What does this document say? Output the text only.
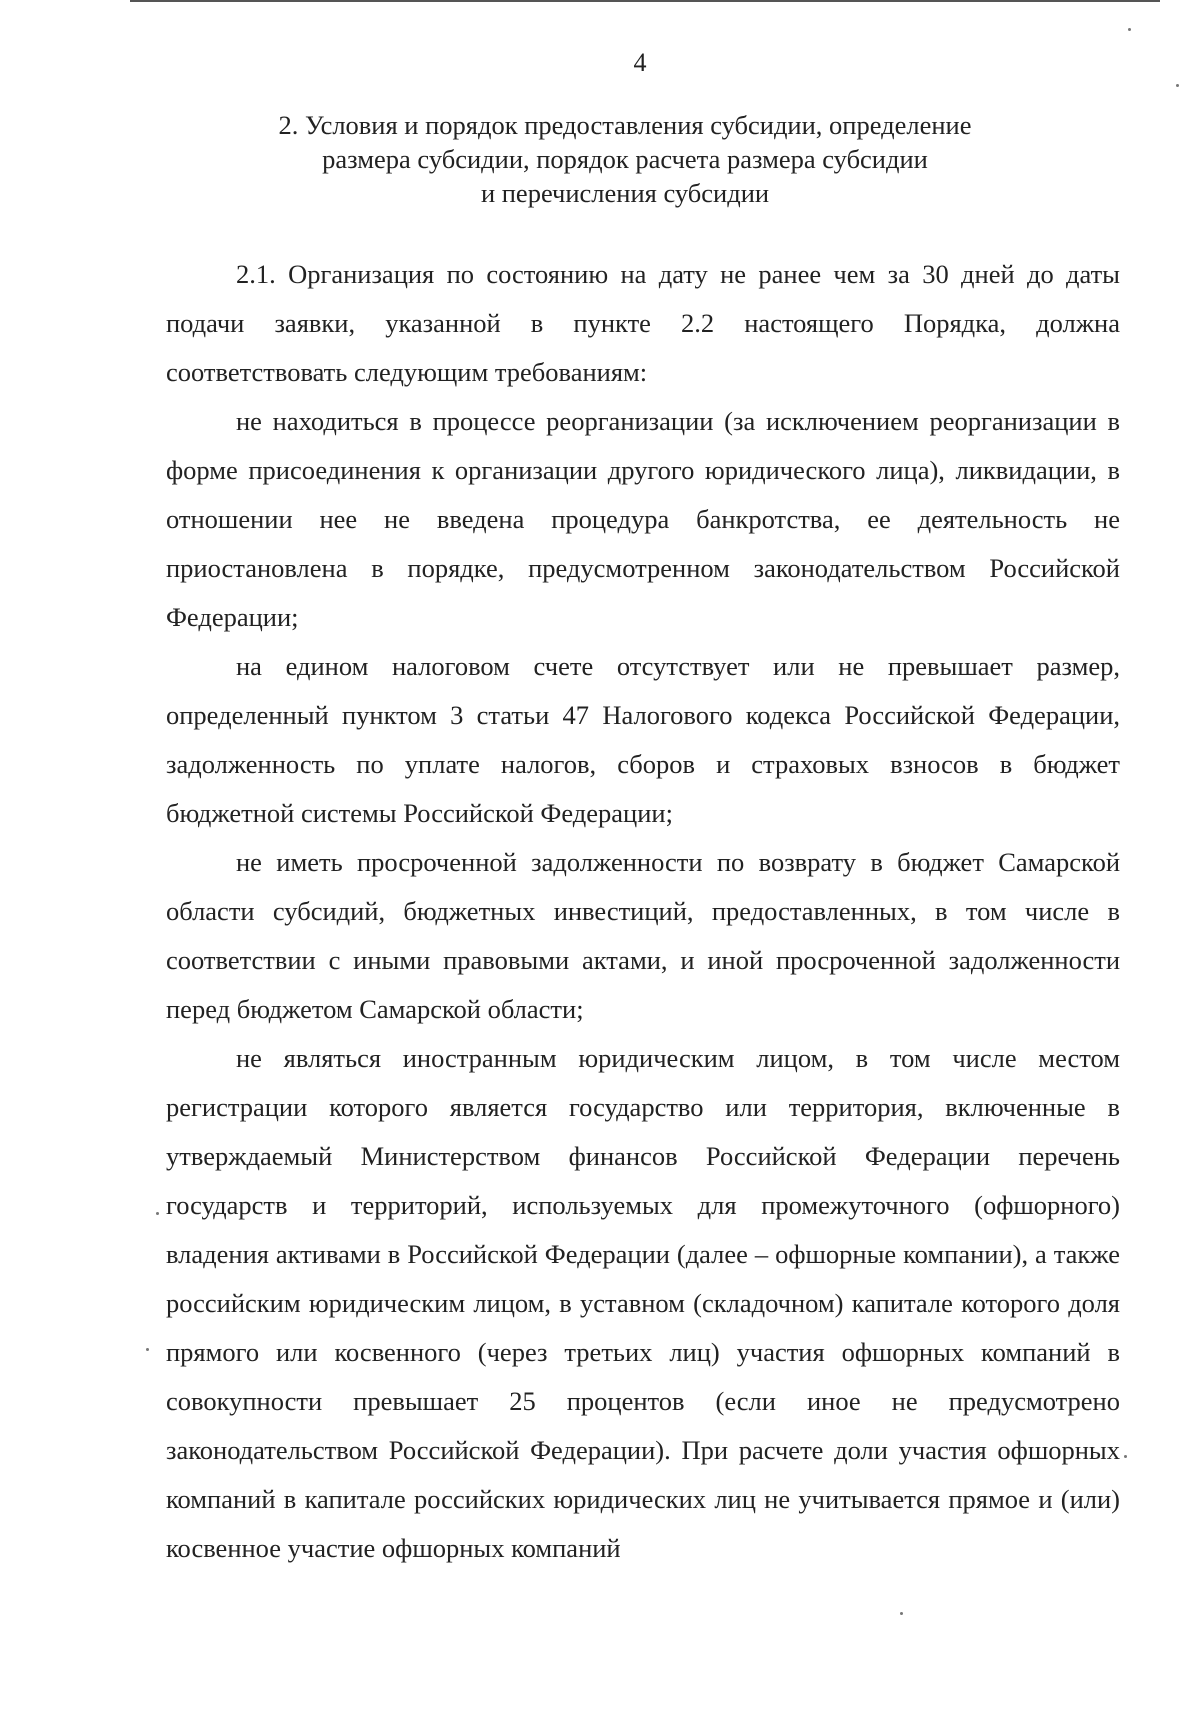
4
2. Условия и порядок предоставления субсидии, определение
размера субсидии, порядок расчета размера субсидии
и перечисления субсидии

2.1. Организация по состоянию на дату не ранее чем за 30 дней до даты подачи заявки, указанной в пункте 2.2 настоящего Порядка, должна соответствовать следующим требованиям:

не находиться в процессе реорганизации (за исключением реорганизации в форме присоединения к организации другого юридического лица), ликвидации, в отношении нее не введена процедура банкротства, ее деятельность не приостановлена в порядке, предусмотренном законодательством Российской Федерации;

на едином налоговом счете отсутствует или не превышает размер, определенный пунктом 3 статьи 47 Налогового кодекса Российской Федерации, задолженность по уплате налогов, сборов и страховых взносов в бюджет бюджетной системы Российской Федерации;

не иметь просроченной задолженности по возврату в бюджет Самарской области субсидий, бюджетных инвестиций, предоставленных, в том числе в соответствии с иными правовыми актами, и иной просроченной задолженности перед бюджетом Самарской области;

не являться иностранным юридическим лицом, в том числе местом регистрации которого является государство или территория, включенные в утверждаемый Министерством финансов Российской Федерации перечень государств и территорий, используемых для промежуточного (офшорного) владения активами в Российской Федерации (далее – офшорные компании), а также российским юридическим лицом, в уставном (складочном) капитале которого доля прямого или косвенного (через третьих лиц) участия офшорных компаний в совокупности превышает 25 процентов (если иное не предусмотрено законодательством Российской Федерации). При расчете доли участия офшорных компаний в капитале российских юридических лиц не учитывается прямое и (или) косвенное участие офшорных компаний
